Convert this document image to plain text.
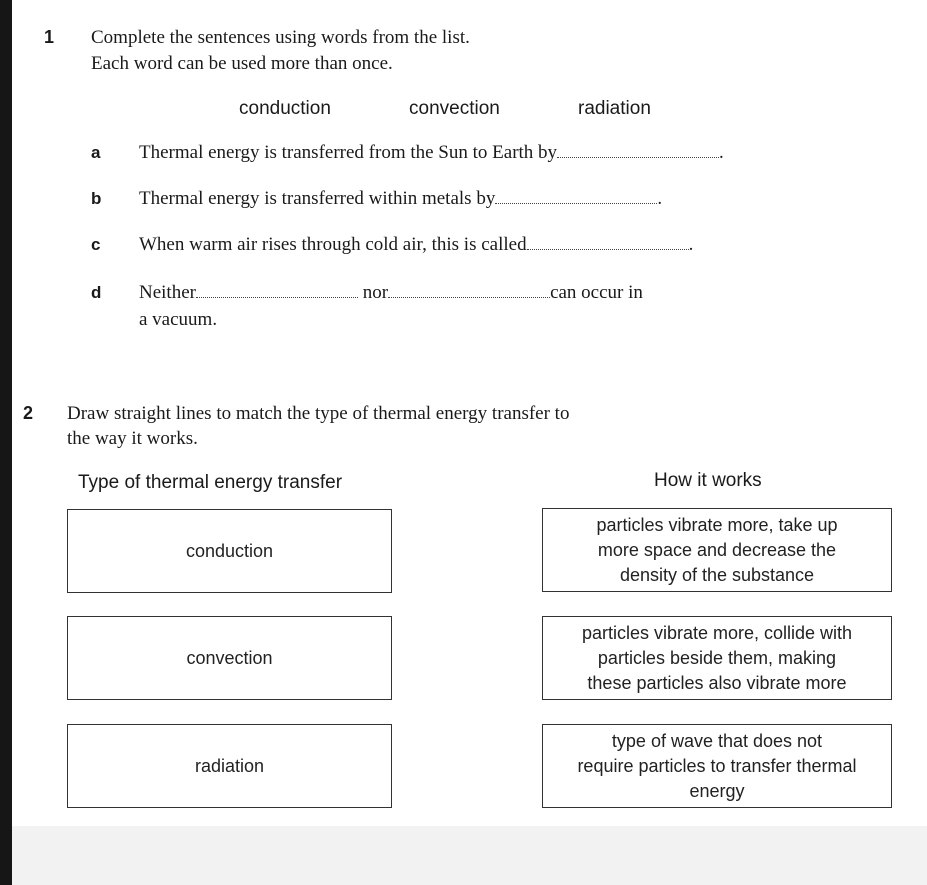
1 Complete the sentences using words from the list.
Each word can be used more than once.
conduction	convection	radiation
a Thermal energy is transferred from the Sun to Earth by	.
b Thermal energy is transferred within metals by	.
c When warm air rises through cold air, this is called	.
d Neither	nor	can occur in
a vacuum.
2 Draw straight lines to match the type of thermal energy transfer to
the way it works.
Type of thermal energy transfer	How it works
conduction
convection
radiation
particles vibrate more, take up
more space and decrease the
density of the substance
particles vibrate more, collide with
particles beside them, making
these particles also vibrate more
type of wave that does not
require particles to transfer thermal
energy
